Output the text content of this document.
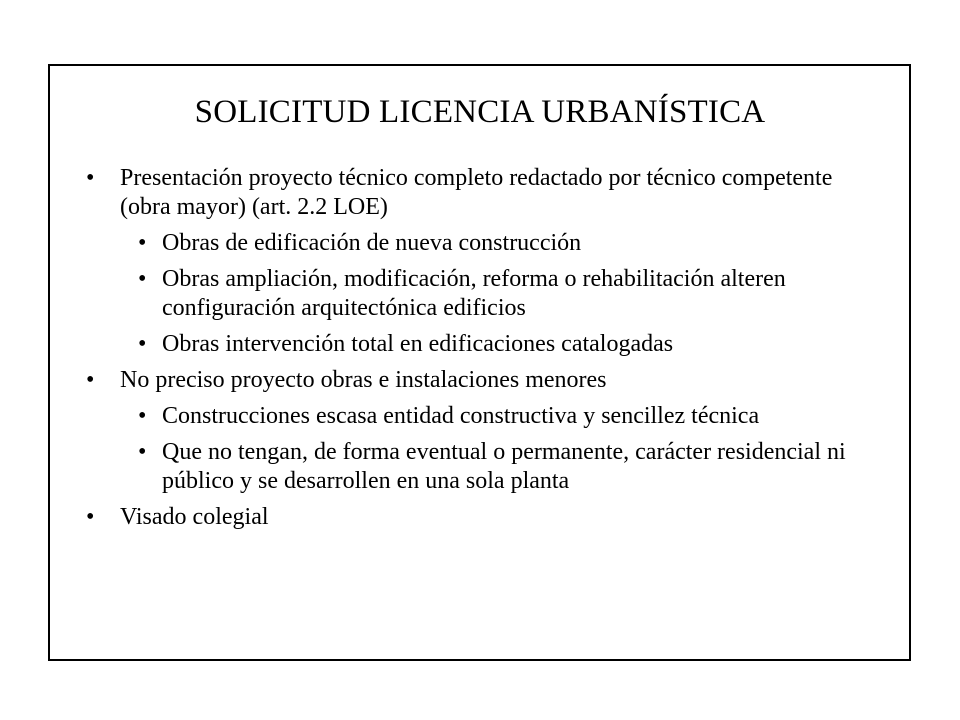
SOLICITUD LICENCIA URBANÍSTICA
• Presentación proyecto técnico completo redactado por técnico competente (obra mayor) (art. 2.2 LOE)
• Obras de edificación de nueva construcción
• Obras ampliación, modificación, reforma o rehabilitación alteren configuración arquitectónica edificios
• Obras intervención total en edificaciones catalogadas
• No preciso proyecto obras e instalaciones menores
• Construcciones escasa entidad constructiva y sencillez técnica
• Que no tengan, de forma eventual o permanente, carácter residencial ni público y se desarrollen en una sola planta
• Visado colegial
